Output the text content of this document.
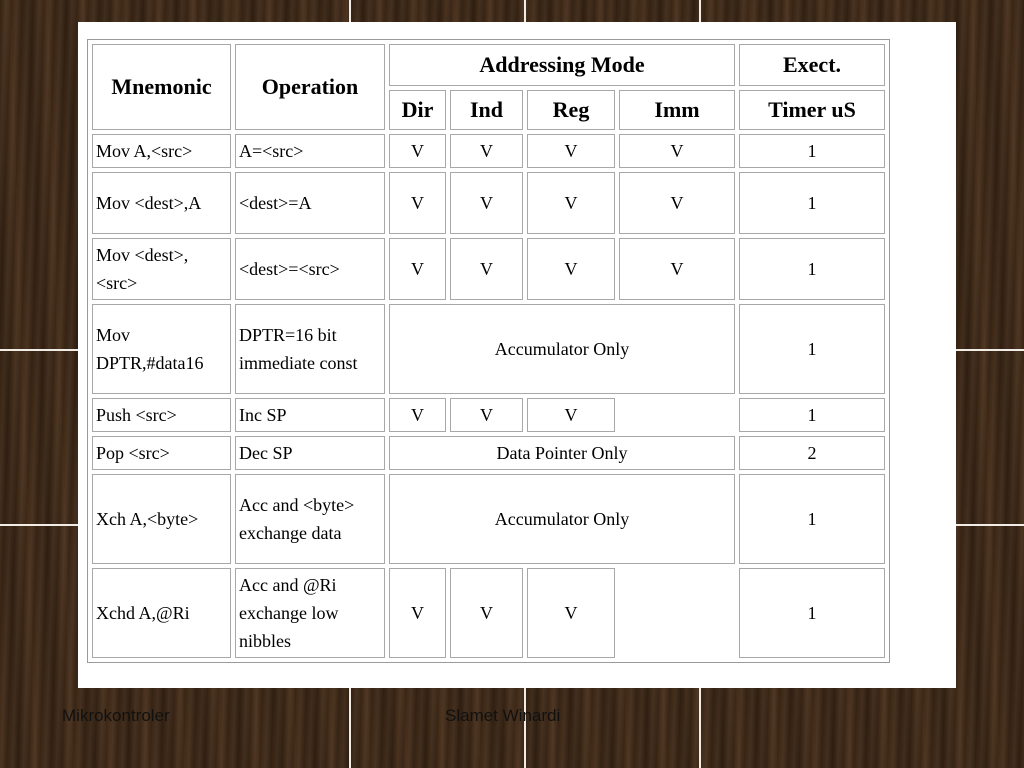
Mnemonic	Operation	Addressing Mode				Exect.
		Dir	Ind	Reg	Imm	Timer uS
Mov A,<src>	A=<src>	V	V	V	V	1
Mov <dest>,A	<dest>=A	V	V	V	V	1
Mov <dest>, <src>	<dest>=<src>	V	V	V	V	1
Mov DPTR,#data16	DPTR=16 bit immediate const	Accumulator Only				1
Push <src>	Inc SP	V	V	V		1
Pop <src>	Dec SP	Data Pointer Only				2
Xch A,<byte>	Acc and <byte> exchange data	Accumulator Only				1
Xchd A,@Ri	Acc and @Ri exchange low nibbles	V	V	V		1
Mikrokontroler	Slamet Winardi
